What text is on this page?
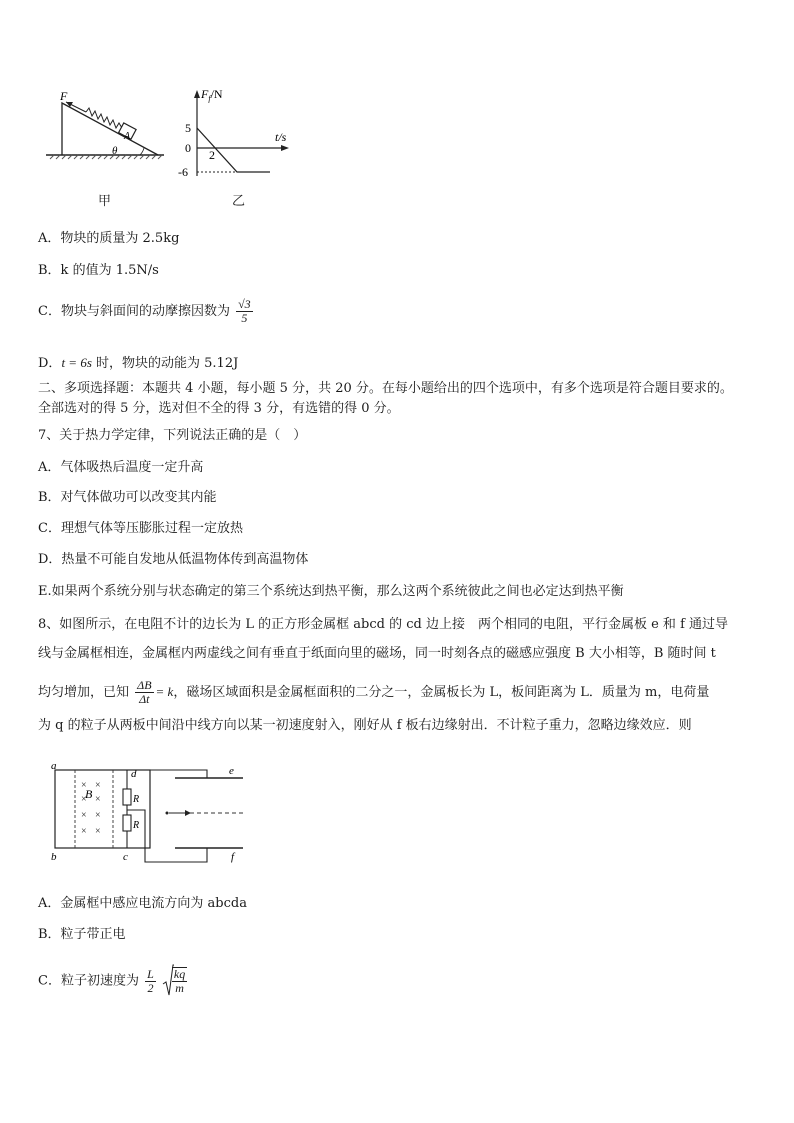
A
F
θ
甲
$F_f/N$
t/s
5
0 2
-6
乙
A．物块的质量为 2.5kg
B．k 的值为 1.5N/s
C．物块与斜面间的动摩擦因数为 $\frac{√3}{5}$
D．t = 6s 时，物块的动能为 5.12J
二、多项选择题：本题共 4 小题，每小题 5 分，共 20 分。在每小题给出的四个选项中，有多个选项是符合题目要求的。
全部选对的得 5 分，选对但不全的得 3 分，有选错的得 0 分。
7、关于热力学定律，下列说法正确的是（　）
A．气体吸热后温度一定升高
B．对气体做功可以改变其内能
C．理想气体等压膨胀过程一定放热
D．热量不可能自发地从低温物体传到高温物体
E.如果两个系统分别与状态确定的第三个系统达到热平衡，那么这两个系统彼此之间也必定达到热平衡
8、如图所示，在电阻不计的边长为 L 的正方形金属框 abcd 的 cd 边上接　两个相同的电阻，平行金属板 e 和 f 通过导
线与金属框相连，金属框内两虚线之间有垂直于纸面向里的磁场，同一时刻各点的磁感应强度 B 大小相等，B 随时间 t
均匀增加，已知 $\frac{\Delta B}{\Delta t} = k$，磁场区域面积是金属框面积的二分之一，金属板长为 L，板间距离为 L．质量为 m，电荷量
为 q 的粒子从两板中间沿中线方向以某一初速度射入，刚好从 f 板右边缘射出．不计粒子重力，忽略边缘效应．则
× ×
×
× ×
× ×
×
B	R
R
a
b	c
d	e
f
A．金属框中感应电流方向为 abcda
B．粒子带正电
C．粒子初速度为 $\frac{L}{2}$
$\frac{kq}{m}$
